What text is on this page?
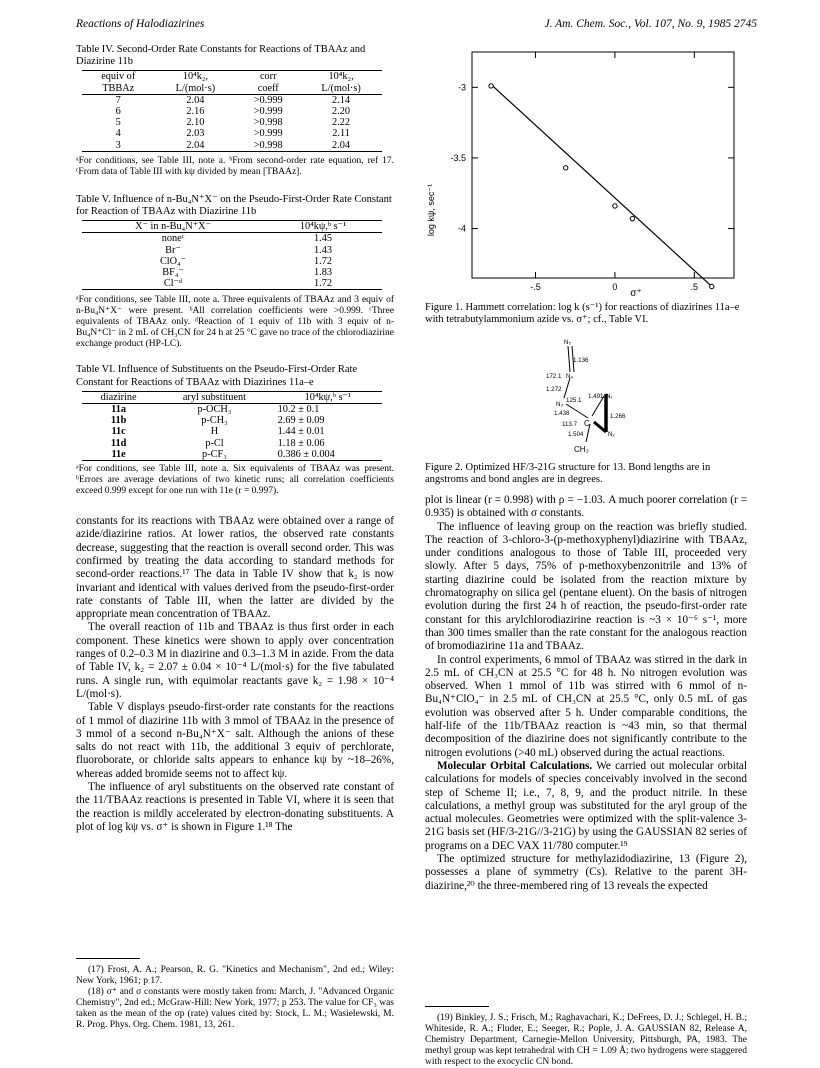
Reactions of Halodiazirines	J. Am. Chem. Soc., Vol. 107, No. 9, 1985 2745
Table IV. Second-Order Rate Constants for Reactions of TBAAz and Diazirine 11b
equiv of	10⁴k₂,	corr	10⁴k₂,
TBBAz	L/(mol·s)	coeff	L/(mol·s)
7	2.04	>0.999	2.14
6	2.16	>0.999	2.20
5	2.10	>0.998	2.22
4	2.03	>0.999	2.11
3	2.04	>0.998	2.04
ᵃFor conditions, see Table III, note a. ᵇFrom second-order rate equation, ref 17. ᶜFrom data of Table III with kψ divided by mean [TBAAz].
Table V. Influence of n-Bu₄N⁺X⁻ on the Pseudo-First-Order Rate Constant for Reaction of TBAAz with Diazirine 11b
X⁻ in n-Bu₄N⁺X⁻	10⁴kψ,ᵇ s⁻¹
noneᶜ	1.45
Br⁻	1.43
ClO₄⁻	1.72
BF₄⁻	1.83
Cl⁻ᵈ	1.72
ᵃFor conditions, see Table III, note a. Three equivalents of TBAAz and 3 equiv of n-Bu₄N⁺X⁻ were present. ᵇAll correlation coefficients were >0.999. ᶜThree equivalents of TBAAz only. ᵈReaction of 1 equiv of 11b with 3 equiv of n-Bu₄N⁺Cl⁻ in 2 mL of CH₃CN for 24 h at 25 °C gave no trace of the chlorodiazirine exchange product (HP-LC).
Table VI. Influence of Substituents on the Pseudo-First-Order Rate Constant for Reactions of TBAAz with Diazirines 11a–e
diazirine	aryl substituent	10⁴kψ,ᵇ s⁻¹
11a	p-OCH₃	10.2 ± 0.1
11b	p-CH₃	2.69 ± 0.09
11c	H	1.44 ± 0.01
11d	p-Cl	1.18 ± 0.06
11e	p-CF₃	0.386 ± 0.004
ᵃFor conditions, see Table III, note a. Six equivalents of TBAAz was present. ᵇErrors are average deviations of two kinetic runs; all correlation coefficients exceed 0.999 except for one run with 11e (r = 0.997).

constants for its reactions with TBAAz were obtained over a range of azide/diazirine ratios. At lower ratios, the observed rate constants decrease, suggesting that the reaction is overall second order. This was confirmed by treating the data according to standard methods for second-order reactions.¹⁷ The data in Table IV show that k₂ is now invariant and identical with values derived from the pseudo-first-order rate constants of Table III, when the latter are divided by the appropriate mean concentration of TBAAz.

The overall reaction of 11b and TBAAz is thus first order in each component. These kinetics were shown to apply over concentration ranges of 0.2–0.3 M in diazirine and 0.3–1.3 M in azide. From the data of Table IV, k₂ = 2.07 ± 0.04 × 10⁻⁴ L/(mol·s) for the five tabulated runs. A single run, with equimolar reactants gave k₂ = 1.98 × 10⁻⁴ L/(mol·s).

Table V displays pseudo-first-order rate constants for the reactions of 1 mmol of diazirine 11b with 3 mmol of TBAAz in the presence of 3 mmol of a second n-Bu₄N⁺X⁻ salt. Although the anions of these salts do not react with 11b, the additional 3 equiv of perchlorate, fluoroborate, or chloride salts appears to enhance kψ by ~18–26%, whereas added bromide seems not to affect kψ.

The influence of aryl substituents on the observed rate constant of the 11/TBAAz reactions is presented in Table VI, where it is seen that the reaction is mildly accelerated by electron-donating substituents. A plot of log kψ vs. σ⁺ is shown in Figure 1.¹⁸ The

(17) Frost, A. A.; Pearson, R. G. "Kinetics and Mechanism", 2nd ed.; Wiley: New York, 1961; p 17.

(18) σ⁺ and σ constants were mostly taken from: March, J. "Advanced Organic Chemistry", 2nd ed.; McGraw-Hill: New York, 1977; p 253. The value for CF₃ was taken as the mean of the σp (rate) values cited by: Stock, L. M.; Wasielewski, M. R. Prog. Phys. Org. Chem. 1981, 13, 261.

-3
-3.5
-4
-.5	0	.5
log kψ, sec⁻¹
σ⁺
Figure 1. Hammett correlation: log k (s⁻¹) for reactions of diazirines 11a–e with tetrabutylammonium azide vs. σ⁺; cf., Table VI.
N₅
1.136
172.1 N₄
1.272
N₃
125.1
1.491 N₁
1.438
C
1.266
113.7
1.504	N₂
CH₃
Figure 2. Optimized HF/3-21G structure for 13. Bond lengths are in angstroms and bond angles are in degrees.

plot is linear (r = 0.998) with ρ = −1.03. A much poorer correlation (r = 0.935) is obtained with σ constants.

The influence of leaving group on the reaction was briefly studied. The reaction of 3-chloro-3-(p-methoxyphenyl)diazirine with TBAAz, under conditions analogous to those of Table III, proceeded very slowly. After 5 days, 75% of p-methoxybenzonitrile and 13% of starting diazirine could be isolated from the reaction mixture by chromatography on silica gel (pentane eluent). On the basis of nitrogen evolution during the first 24 h of reaction, the pseudo-first-order rate constant for this arylchlorodiazirine reaction is ~3 × 10⁻⁶ s⁻¹, more than 300 times smaller than the rate constant for the analogous reaction of bromodiazirine 11a and TBAAz.

In control experiments, 6 mmol of TBAAz was stirred in the dark in 2.5 mL of CH₃CN at 25.5 °C for 48 h. No nitrogen evolution was observed. When 1 mmol of 11b was stirred with 6 mmol of n-Bu₄N⁺ClO₄⁻ in 2.5 mL of CH₃CN at 25.5 °C, only 0.5 mL of gas evolution was observed after 5 h. Under comparable conditions, the half-life of the 11b/TBAAz reaction is ~43 min, so that thermal decomposition of the diazirine does not significantly contribute to the nitrogen evolutions (>40 mL) observed during the actual reactions.

Molecular Orbital Calculations. We carried out molecular orbital calculations for models of species conceivably involved in the second step of Scheme II; i.e., 7, 8, 9, and the product nitrile. In these calculations, a methyl group was substituted for the aryl group of the actual molecules. Geometries were optimized with the split-valence 3-21G basis set (HF/3-21G//3-21G) by using the GAUSSIAN 82 series of programs on a DEC VAX 11/780 computer.¹⁹

The optimized structure for methylazidodiazirine, 13 (Figure 2), possesses a plane of symmetry (Cs). Relative to the parent 3H-diazirine,²⁰ the three-membered ring of 13 reveals the expected

(19) Binkley, J. S.; Frisch, M.; Raghavachari, K.; DeFrees, D. J.; Schlegel, H. B.; Whiteside, R. A.; Fluder, E.; Seeger, R.; Pople, J. A. GAUSSIAN 82, Release A, Chemistry Department, Carnegie-Mellon University, Pittsburgh, PA, 1983. The methyl group was kept tetrahedral with CH = 1.09 Å; two hydrogens were staggered with respect to the exocyclic CN bond.
